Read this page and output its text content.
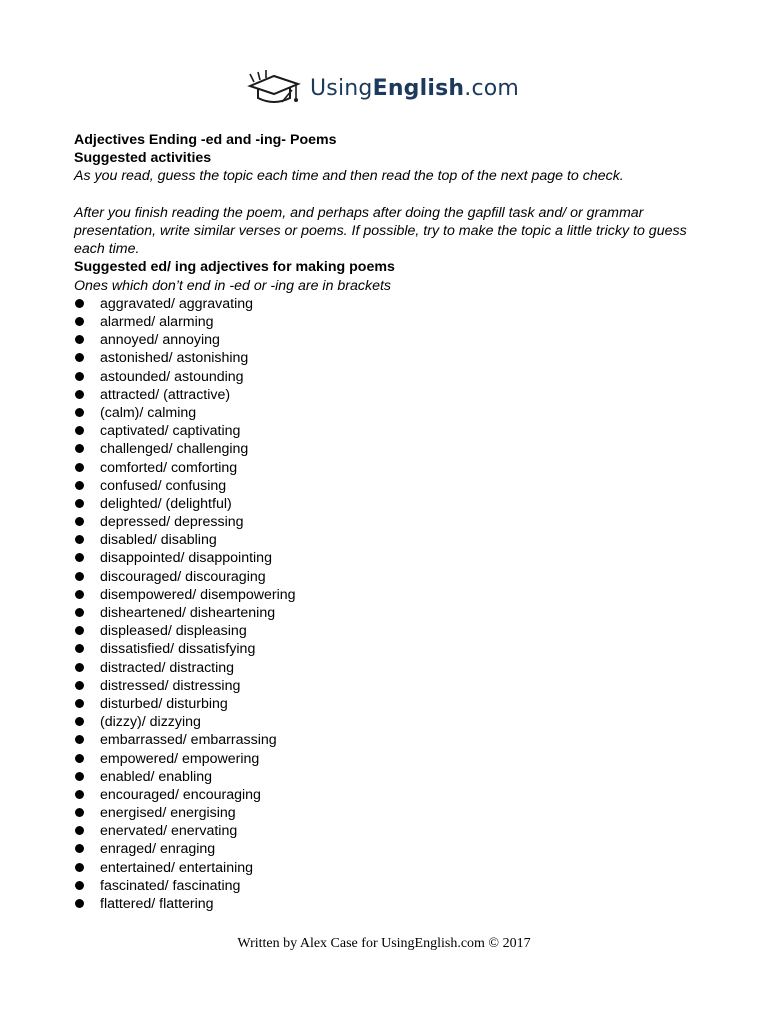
UsingEnglish.com

Adjectives Ending -ed and -ing- Poems

Suggested activities

As you read, guess the topic each time and then read the top of the next page to check.

After you finish reading the poem, and perhaps after doing the gapfill task and/ or grammar presentation, write similar verses or poems. If possible, try to make the topic a little tricky to guess each time.

Suggested ed/ ing adjectives for making poems

Ones which don’t end in -ed or -ing are in brackets

aggravated/ aggravating
alarmed/ alarming
annoyed/ annoying
astonished/ astonishing
astounded/ astounding
attracted/ (attractive)
(calm)/ calming
captivated/ captivating
challenged/ challenging
comforted/ comforting
confused/ confusing
delighted/ (delightful)
depressed/ depressing
disabled/ disabling
disappointed/ disappointing
discouraged/ discouraging
disempowered/ disempowering
disheartened/ disheartening
displeased/ displeasing
dissatisfied/ dissatisfying
distracted/ distracting
distressed/ distressing
disturbed/ disturbing
(dizzy)/ dizzying
embarrassed/ embarrassing
empowered/ empowering
enabled/ enabling
encouraged/ encouraging
energised/ energising
enervated/ enervating
enraged/ enraging
entertained/ entertaining
fascinated/ fascinating
flattered/ flattering
Written by Alex Case for UsingEnglish.com © 2017
